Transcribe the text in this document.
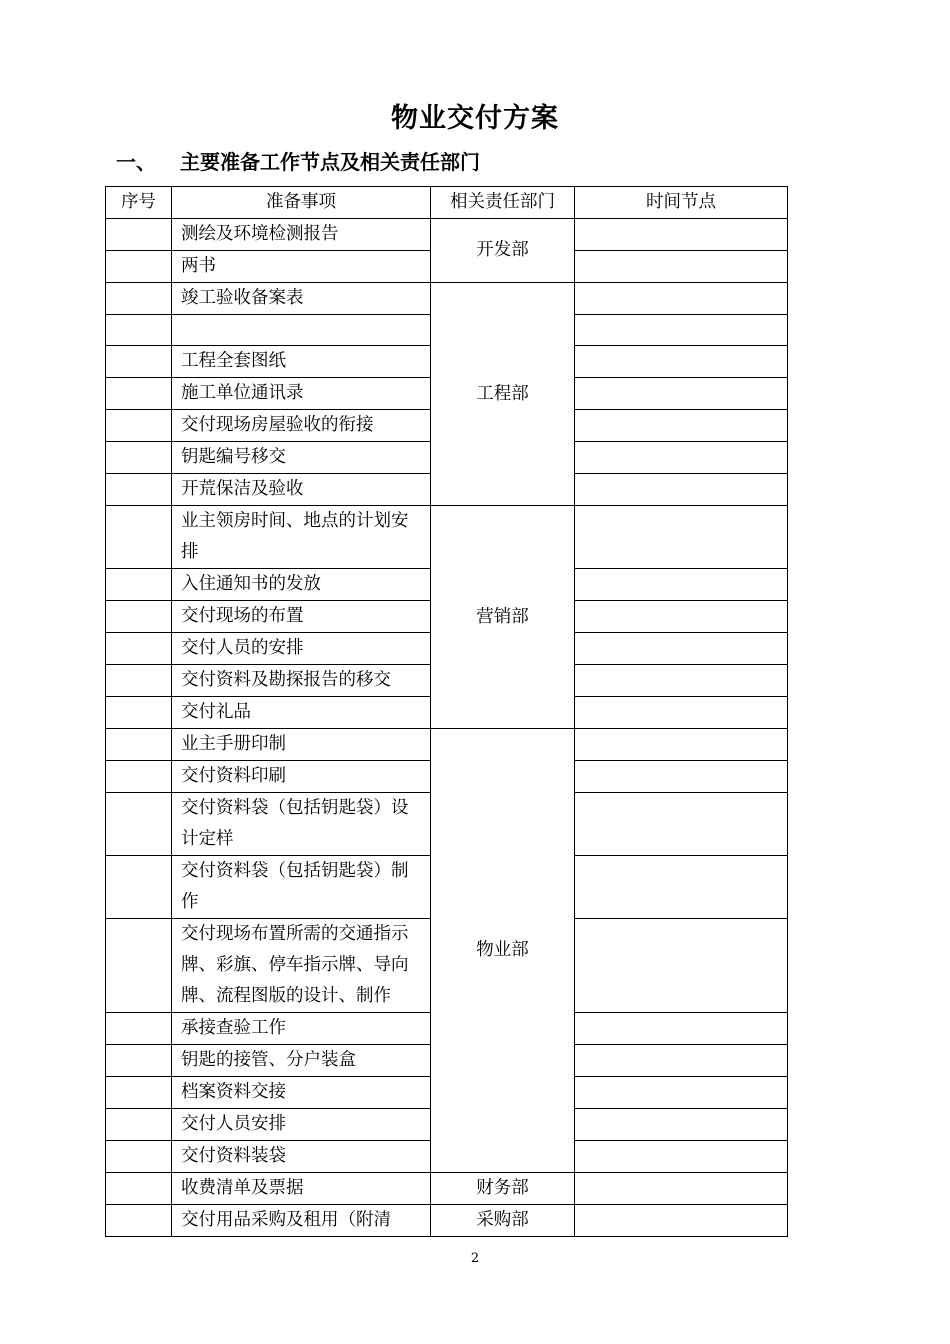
物业交付方案
一、 主要准备工作节点及相关责任部门
序号	准备事项	相关责任部门	时间节点
	测绘及环境检测报告	开发部	
	两书		
	竣工验收备案表	工程部	

	工程全套图纸		
	施工单位通讯录		
	交付现场房屋验收的衔接		
	钥匙编号移交		
	开荒保洁及验收		
	业主领房时间、地点的计划安排	营销部	
	入住通知书的发放		
	交付现场的布置		
	交付人员的安排		
	交付资料及勘探报告的移交		
	交付礼品		
	业主手册印制	物业部	
	交付资料印刷		
	交付资料袋（包括钥匙袋）设计定样		
	交付资料袋（包括钥匙袋）制作		
	交付现场布置所需的交通指示牌、彩旗、停车指示牌、导向牌、流程图版的设计、制作		
	承接查验工作		
	钥匙的接管、分户装盒		
	档案资料交接		
	交付人员安排		
	交付资料装袋		
	收费清单及票据	财务部	
	交付用品采购及租用（附清	采购部	
2
